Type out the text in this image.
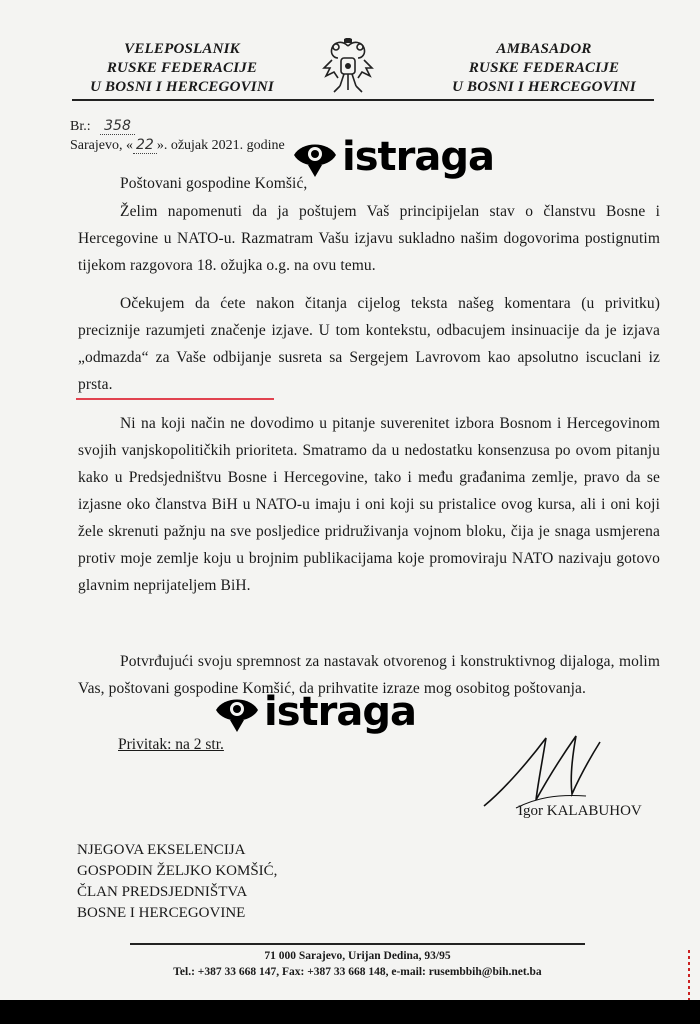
VELEPOSLANIK
RUSKE FEDERACIJE
U BOSNI I HERCEGOVINI
AMBASADOR
RUSKE FEDERACIJE
U BOSNI I HERCEGOVINI
Br.: 358
Sarajevo, « 22 ». ožujak 2021. godine istraga
Poštovani gospodine Komšić,
Želim napomenuti da ja poštujem Vaš principijelan stav o članstvu Bosne i Hercegovine u NATO-u. Razmatram Vašu izjavu sukladno našim dogovorima postignutim tijekom razgovora 18. ožujka o.g. na ovu temu.
Očekujem da ćete nakon čitanja cijelog teksta našeg komentara (u privitku) preciznije razumjeti značenje izjave. U tom kontekstu, odbacujem insinuacije da je izjava „odmazda“ za Vaše odbijanje susreta sa Sergejem Lavrovom kao apsolutno iscuclani iz prsta.
Ni na koji način ne dovodimo u pitanje suverenitet izbora Bosnom i Hercegovinom svojih vanjskopolitičkih prioriteta. Smatramo da u nedostatku konsenzusa po ovom pitanju kako u Predsjedništvu Bosne i Hercegovine, tako i među građanima zemlje, pravo da se izjasne oko članstva BiH u NATO-u imaju i oni koji su pristalice ovog kursa, ali i oni koji žele skrenuti pažnju na sve posljedice pridruživanja vojnom bloku, čija je snaga usmjerena protiv moje zemlje koju u brojnim publikacijama koje promoviraju NATO nazivaju gotovo glavnim neprijateljem BiH.
Potvrđujući svoju spremnost za nastavak otvorenog i konstruktivnog dijaloga, molim Vas, poštovani gospodine Komšić, da prihvatite izraze mog osobitog poštovanja.
istraga
Privitak: na 2 str.
Igor KALABUHOV
NJEGOVA EKSELENCIJA
GOSPODIN ŽELJKO KOMŠIĆ,
ČLAN PREDSJEDNIŠTVA
BOSNE I HERCEGOVINE
71 000 Sarajevo, Urijan Dedina, 93/95
Tel.: +387 33 668 147, Fax: +387 33 668 148, e-mail: rusembbih@bih.net.ba
